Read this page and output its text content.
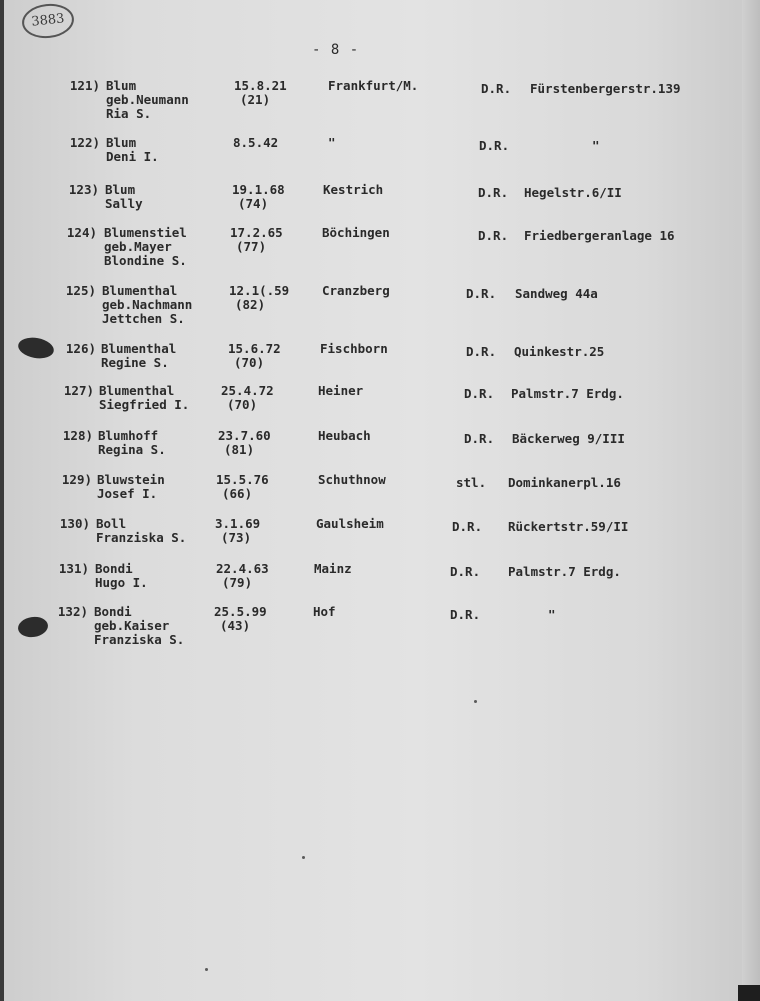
3883
- 8 -
121) Blum
geb.Neumann
Ria S.
15.8.21
(21)
Frankfurt/M.	D.R. Fürstenbergerstr.139
122) Blum
Deni I.
8.5.42	"	D.R.	"
123) Blum
Sally
19.1.68
(74)
Kestrich	D.R. Hegelstr.6/II
124) Blumenstiel
geb.Mayer
Blondine S.
17.2.65
(77)
Böchingen	D.R. Friedbergeranlage 16
125) Blumenthal
geb.Nachmann
Jettchen S.
12.1(.59
(82)
Cranzberg	D.R. Sandweg 44a
126) Blumenthal
Regine S.
15.6.72
(70)
Fischborn	D.R. Quinkestr.25
127) Blumenthal
Siegfried I.
25.4.72
(70)
Heiner	D.R. Palmstr.7 Erdg.
128) Blumhoff
Regina S.
23.7.60
(81)
Heubach	D.R. Bäckerweg 9/III
129) Bluwstein
Josef I.
15.5.76
(66)
Schuthnow	stl. Dominkanerpl.16
130) Boll
Franziska S.
3.1.69
(73)
Gaulsheim	D.R. Rückertstr.59/II
131) Bondi
Hugo I.
22.4.63
(79)
Mainz	D.R. Palmstr.7 Erdg.
132) Bondi
geb.Kaiser
Franziska S.
25.5.99
(43)
Hof	D.R.	"
